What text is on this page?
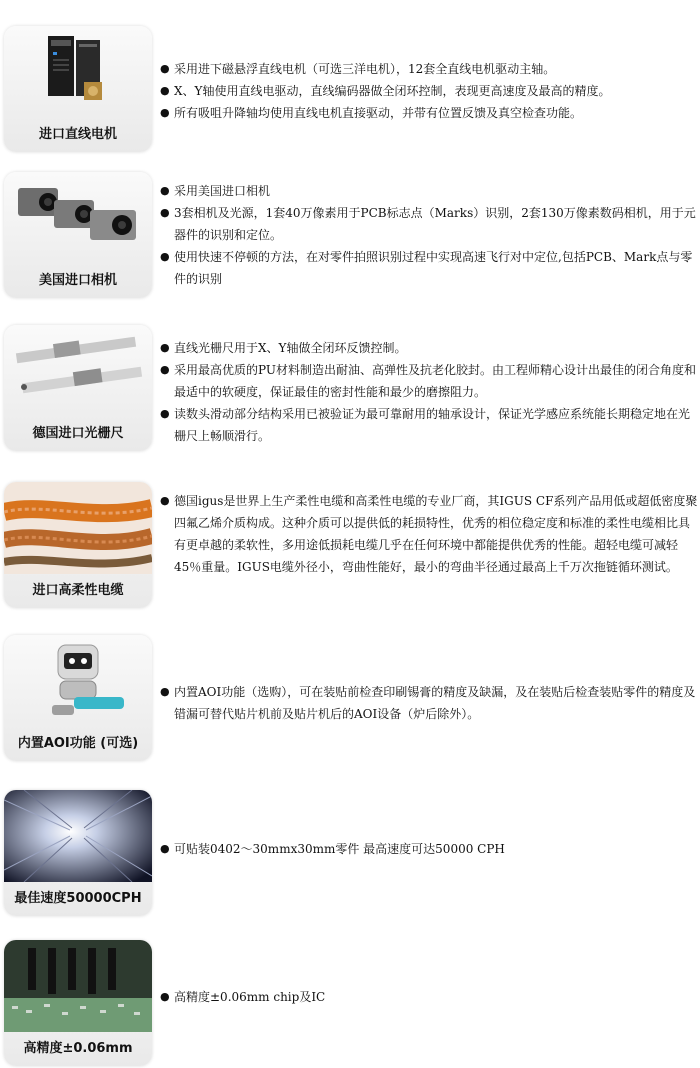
进口直线电机
● 采用进下磁悬浮直线电机（可选三洋电机），12套全直线电机驱动主轴。
● X、Y轴使用直线电驱动，直线编码器做全闭环控制，表现更高速度及最高的精度。
● 所有吸咀升降轴均使用直线电机直接驱动，并带有位置反馈及真空检查功能。
美国进口相机
● 采用美国进口相机
● 3套相机及光源，1套40万像素用于PCB标志点（Marks）识别，2套130万像素数码相机，用于元器件的识别和定位。
● 使用快速不停顿的方法，在对零件拍照识别过程中实现高速飞行对中定位,包括PCB、Mark点与零件的识别
德国进口光栅尺
● 直线光栅尺用于X、Y轴做全闭环反馈控制。
● 采用最高优质的PU材料制造出耐油、高弹性及抗老化胶封。由工程师精心设计出最佳的闭合角度和最适中的软硬度，保证最佳的密封性能和最少的磨擦阻力。
● 读数头滑动部分结构采用已被验证为最可靠耐用的轴承设计，保证光学感应系统能长期稳定地在光栅尺上畅顺滑行。
进口高柔性电缆
● 德国igus是世界上生产柔性电缆和高柔性电缆的专业厂商，其IGUS CF系列产品用低或超低密度聚四氟乙烯介质构成。这种介质可以提供低的耗损特性，优秀的相位稳定度和标准的柔性电缆相比具有更卓越的柔软性，多用途低损耗电缆几乎在任何环境中都能提供优秀的性能。超轻电缆可减轻45％重量。IGUS电缆外径小，弯曲性能好，最小的弯曲半径通过最高上千万次拖链循环测试。
内置AOI功能 (可选)
● 内置AOI功能（选购），可在装贴前检查印刷锡膏的精度及缺漏，及在装贴后检查装贴零件的精度及错漏可替代贴片机前及贴片机后的AOI设备（炉后除外）。
最佳速度50000CPH
● 可贴装0402～30mmx30mm零件 最高速度可达50000 CPH
高精度±0.06mm
● 高精度±0.06mm chip及IC
